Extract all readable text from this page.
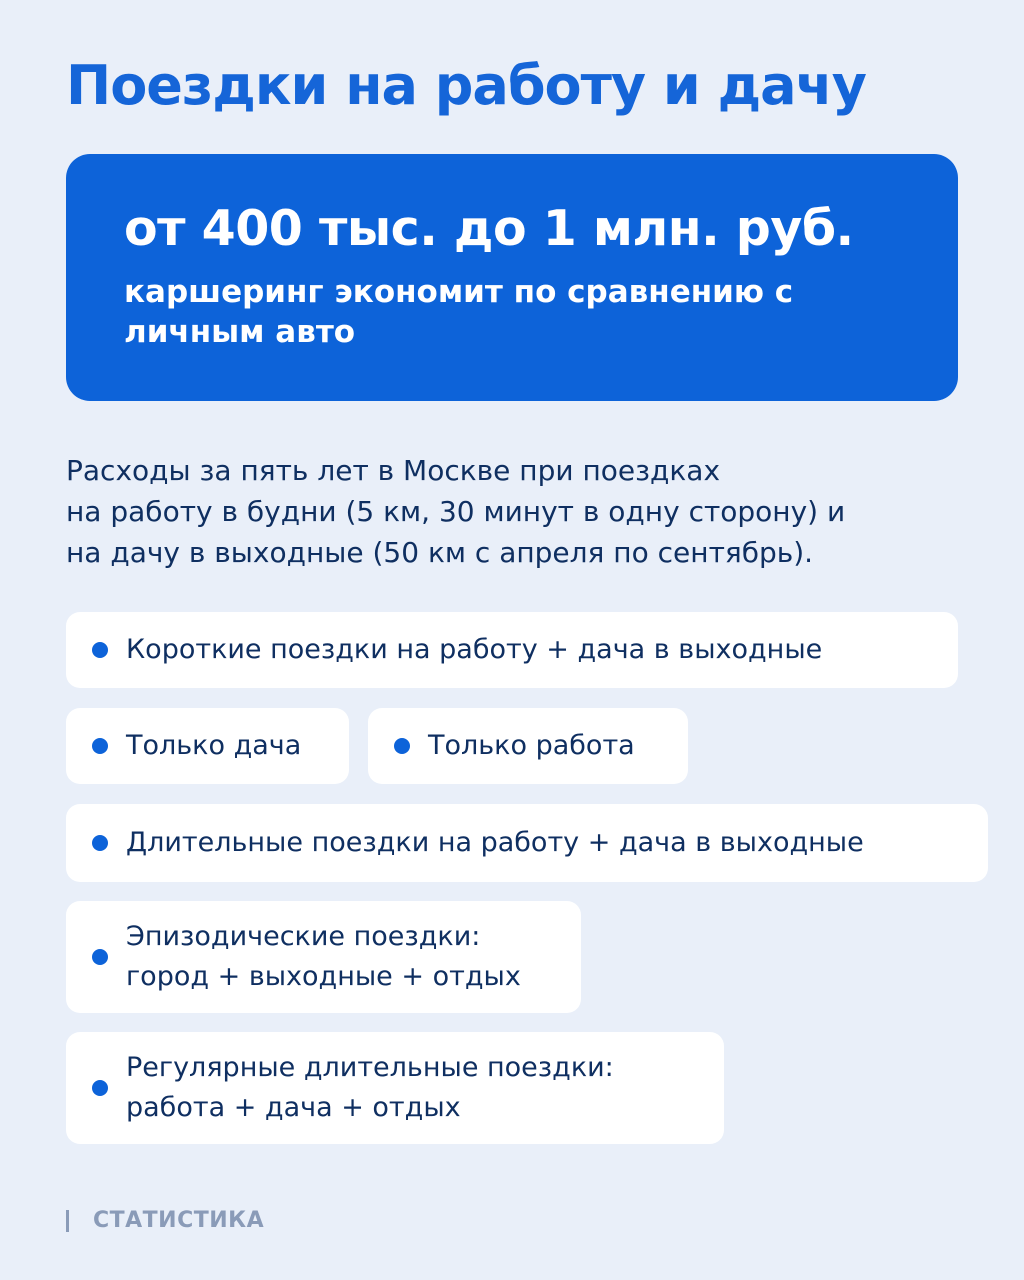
Поездки на работу и дачу
от 400 тыс. до 1 млн. руб.
каршеринг экономит по сравнению с личным авто

Расходы за пять лет в Москве при поездках
на работу в будни (5 км, 30 минут в одну сторону) и
на дачу в выходные (50 км с апреля по сентябрь).

Короткие поездки на работу + дача в выходные
Только дача	Только работа
Длительные поездки на работу + дача в выходные
Эпизодические поездки:
город + выходные + отдых
Регулярные длительные поездки:
работа + дача + отдых
СТАТИСТИКА
